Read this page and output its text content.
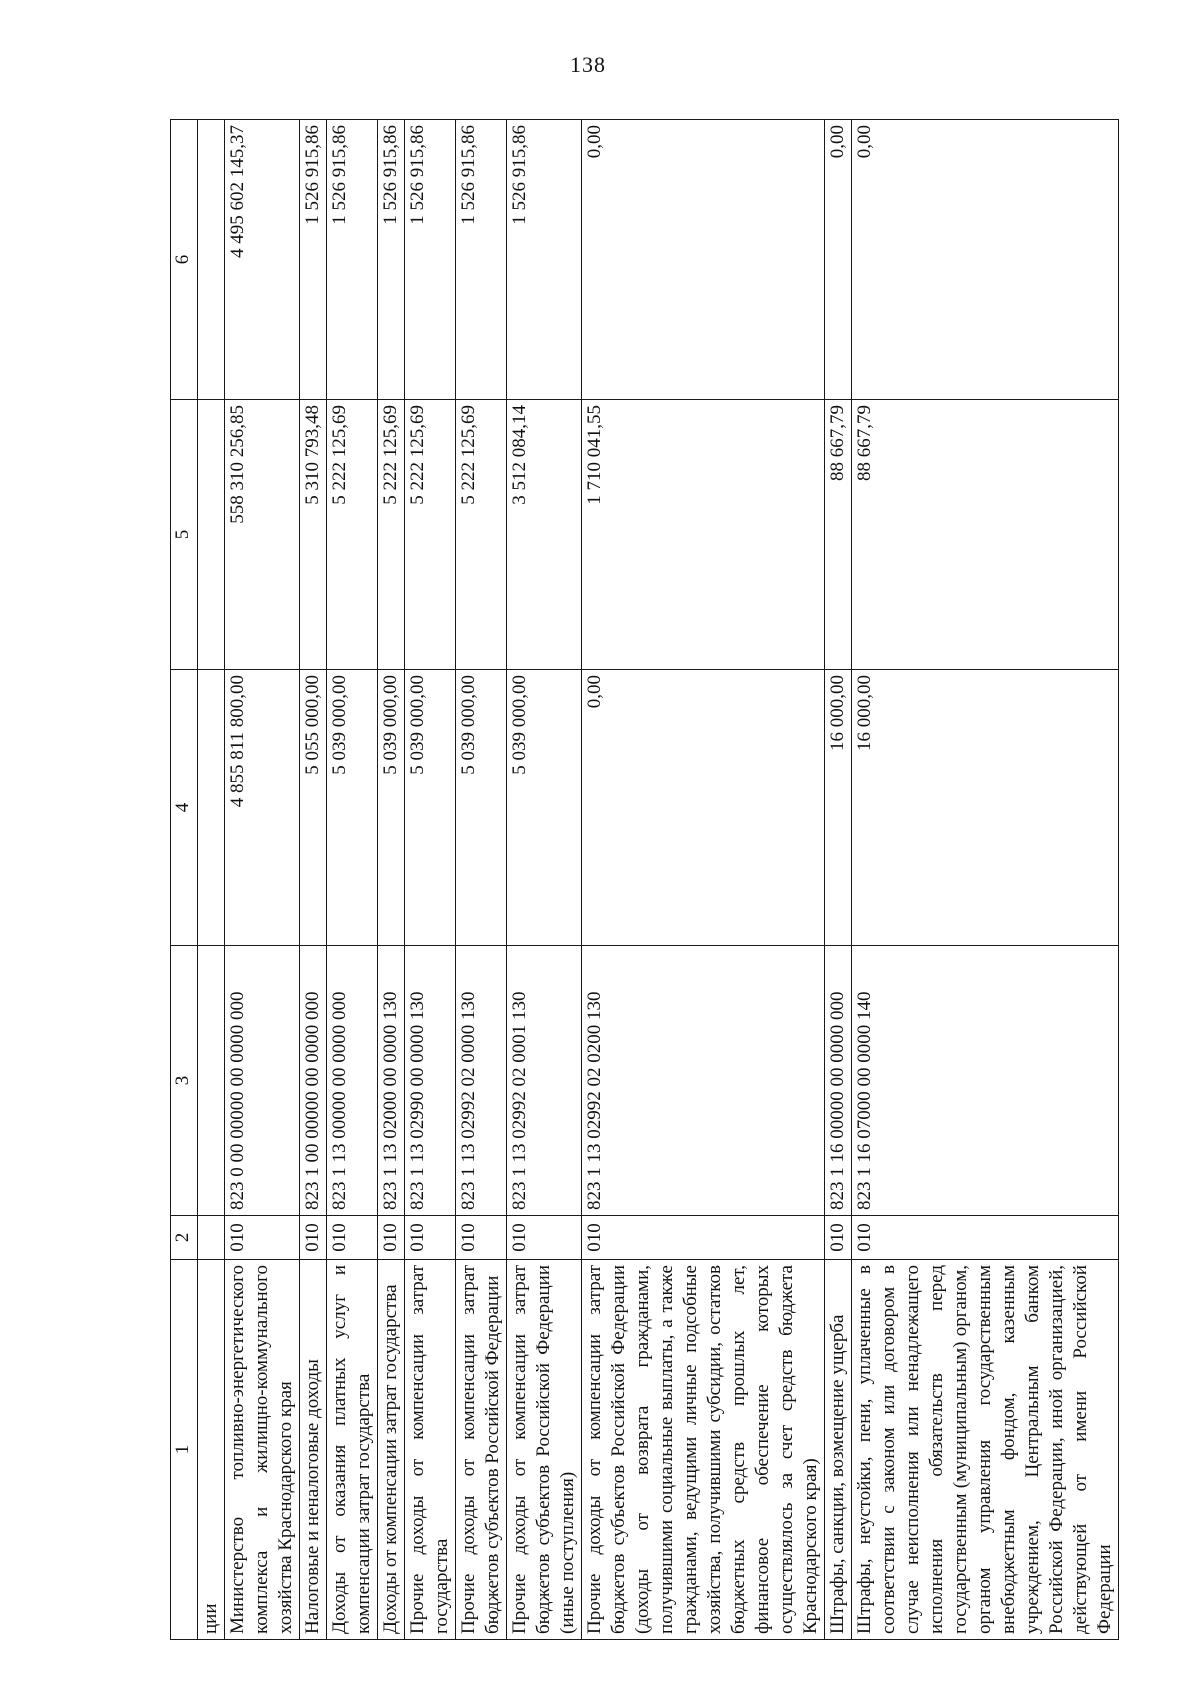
138
1	2	3	4	5	6
ции					
Министерство топливно-энергетического комплекса и жилищно-коммунального хозяйства Краснодарского края	010	823 0 00 00000 00 0000 000	4 855 811 800,00	558 310 256,85	4 495 602 145,37
Налоговые и неналоговые доходы	010	823 1 00 00000 00 0000 000	5 055 000,00	5 310 793,48	1 526 915,86
Доходы от оказания платных услуг и компенсации затрат государства	010	823 1 13 00000 00 0000 000	5 039 000,00	5 222 125,69	1 526 915,86
Доходы от компенсации затрат государства	010	823 1 13 02000 00 0000 130	5 039 000,00	5 222 125,69	1 526 915,86
Прочие доходы от компенсации затрат государства	010	823 1 13 02990 00 0000 130	5 039 000,00	5 222 125,69	1 526 915,86
Прочие доходы от компенсации затрат бюджетов субъектов Российской Федерации	010	823 1 13 02992 02 0000 130	5 039 000,00	5 222 125,69	1 526 915,86
Прочие доходы от компенсации затрат бюджетов субъектов Российской Федерации (иные поступления)	010	823 1 13 02992 02 0001 130	5 039 000,00	3 512 084,14	1 526 915,86
Прочие доходы от компенсации затрат бюджетов субъектов Российской Федерации (доходы от возврата гражданами, получившими социальные выплаты, а также гражданами, ведущими личные подсобные хозяйства, получившими субсидии, остатков бюджетных средств прошлых лет, финансовое обеспечение которых осуществлялось за счет средств бюджета Краснодарского края)	010	823 1 13 02992 02 0200 130	0,00	1 710 041,55	0,00
Штрафы, санкции, возмещение ущерба	010	823 1 16 00000 00 0000 000	16 000,00	88 667,79	0,00
Штрафы, неустойки, пени, уплаченные в соответствии с законом или договором в случае неисполнения или ненадлежащего исполнения обязательств перед государственным (муниципальным) органом, органом управления государственным внебюджетным фондом, казенным учреждением, Центральным банком Российской Федерации, иной организацией, действующей от имени Российской Федерации	010	823 1 16 07000 00 0000 140	16 000,00	88 667,79	0,00
